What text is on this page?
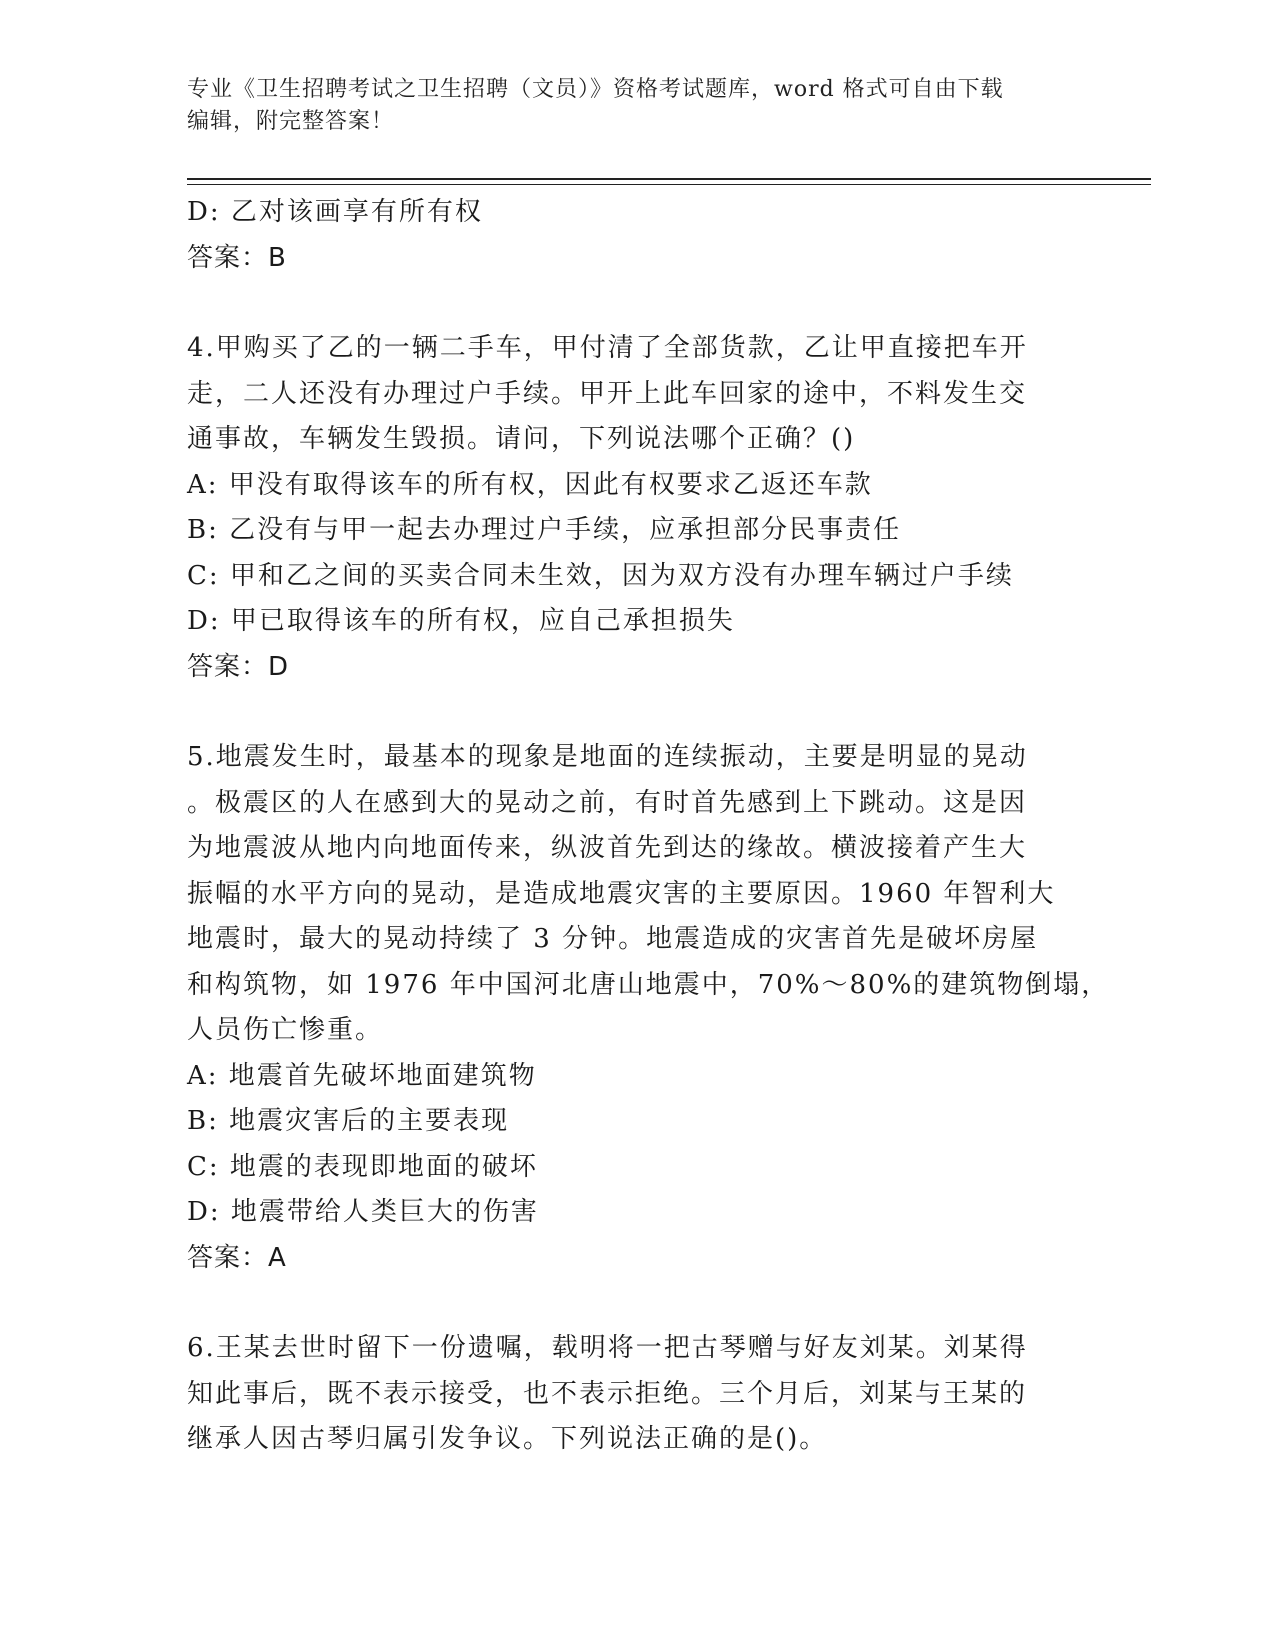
专业《卫生招聘考试之卫生招聘（文员）》资格考试题库，word 格式可自由下载
编辑，附完整答案！
D: 乙对该画享有所有权
答案：B
4.甲购买了乙的一辆二手车，甲付清了全部货款，乙让甲直接把车开
走，二人还没有办理过户手续。甲开上此车回家的途中，不料发生交
通事故，车辆发生毁损。请问，下列说法哪个正确？()
A: 甲没有取得该车的所有权，因此有权要求乙返还车款
B: 乙没有与甲一起去办理过户手续，应承担部分民事责任
C: 甲和乙之间的买卖合同未生效，因为双方没有办理车辆过户手续
D: 甲已取得该车的所有权，应自己承担损失
答案：D
5.地震发生时，最基本的现象是地面的连续振动，主要是明显的晃动
。极震区的人在感到大的晃动之前，有时首先感到上下跳动。这是因
为地震波从地内向地面传来，纵波首先到达的缘故。横波接着产生大
振幅的水平方向的晃动，是造成地震灾害的主要原因。1960 年智利大
地震时，最大的晃动持续了 3 分钟。地震造成的灾害首先是破坏房屋
和构筑物，如 1976 年中国河北唐山地震中，70%～80%的建筑物倒塌，
人员伤亡惨重。
A: 地震首先破坏地面建筑物
B: 地震灾害后的主要表现
C: 地震的表现即地面的破坏
D: 地震带给人类巨大的伤害
答案：A
6.王某去世时留下一份遗嘱，载明将一把古琴赠与好友刘某。刘某得
知此事后，既不表示接受，也不表示拒绝。三个月后，刘某与王某的
继承人因古琴归属引发争议。下列说法正确的是()。
